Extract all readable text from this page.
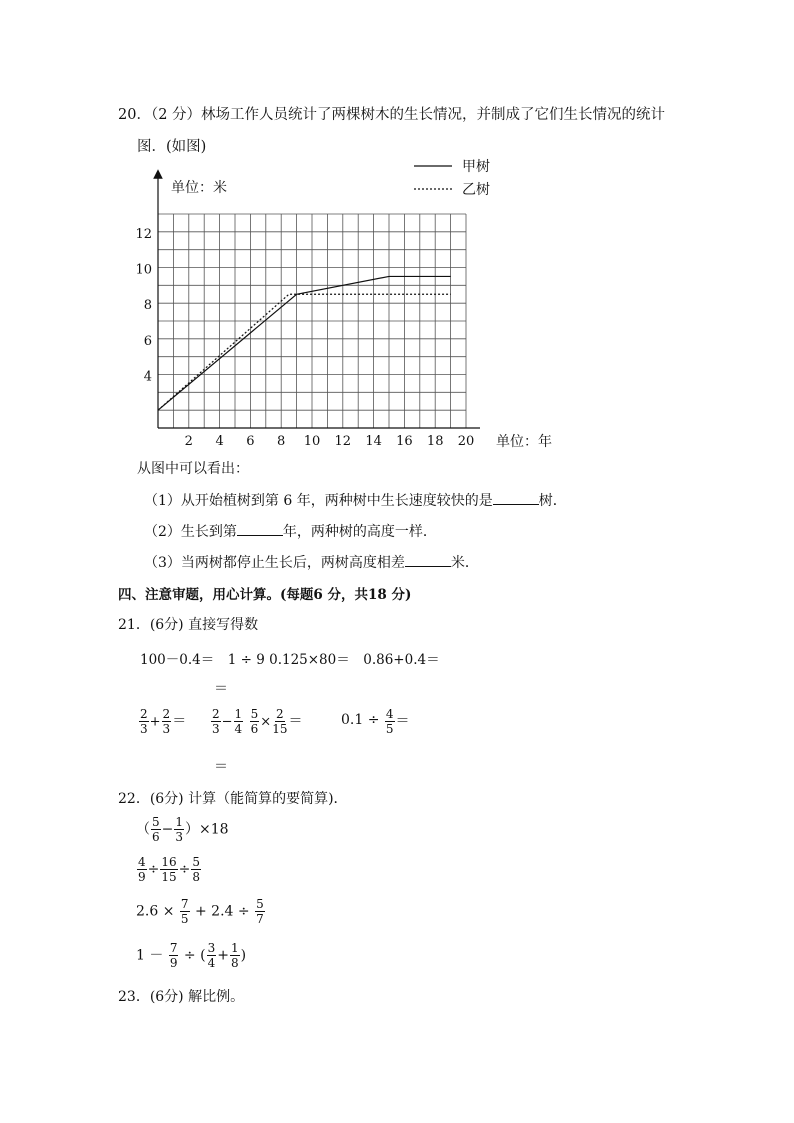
20．（2 分）林场工作人员统计了两棵树木的生长情况，并制成了它们生长情况的统计
图．(如图)
2 4 6 8 10 12 14 16 18 20
4
6
8
10
12
单位：米
单位：年
甲树
乙树
从图中可以看出：
（1）从开始植树到第 6 年，两种树中生长速度较快的是	树．
（2）生长到第	年，两种树的高度一样．
（3）当两树都停止生长后，两树高度相差	米．
四、注意审题，用心计算。(每题6 分，共18 分)
21．(6分) 直接写得数
100－0.4＝　1 ÷ 9 0.125×80＝　0.86+0.4＝
＝
$\frac{2}{3} + \frac{2}{3} = \frac{2}{3} - \frac{1}{4}$
$\frac{5}{6} \times \frac{2}{15}$ ＝	$0.1 \div \frac{4}{5}$ ＝
＝
22．(6分) 计算（能简算的要简算)．
（ $\frac{5}{6} - \frac{1}{3} )\times 18$
$\frac{4}{9} \div \frac{16}{15} \div \frac{5}{8}$
$2.6 \times \frac{7}{5} + 2.4 \div \frac{5}{7}$
$1 - \frac{7}{9}$ ÷ ( $\frac{3}{4} + \frac{1}{8}$ )
23．(6分) 解比例。
